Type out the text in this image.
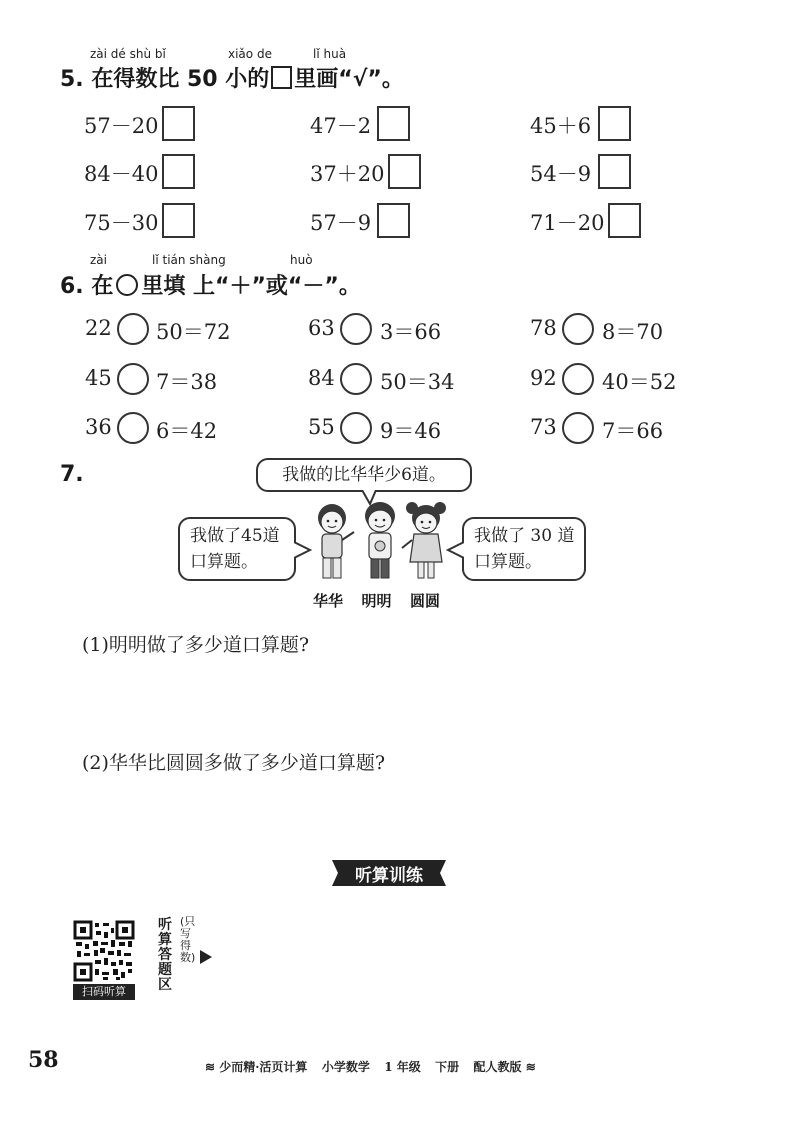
zài dé shù bǐ	xiǎo de	lǐ huà
5. 在得数比 50 小的 里画“√”。
57－20	47－2	45＋6
84－40	37＋20	54－9
75－30	57－9	71－20
zài	lǐ tián shàng	huò
6. 在 里填 上“＋”或“－”。
22 50＝72	63 3＝66	78 8＝70
45 7＝38	84 50＝34	92 40＝52
36 6＝42	55 9＝46	73 7＝66
7.	我做的比华华少6道。
我做了45道
口算题。
我做了 30 道
口算题。
华华 明明 圆圆
(1)明明做了多少道口算题?
(2)华华比圆圆多做了多少道口算题?
听算训练
扫码听算
听算答题区
(只写得数)
58	≋ 少而精·活页计算 小学数学 1 年级 下册 配人教版 ≋
